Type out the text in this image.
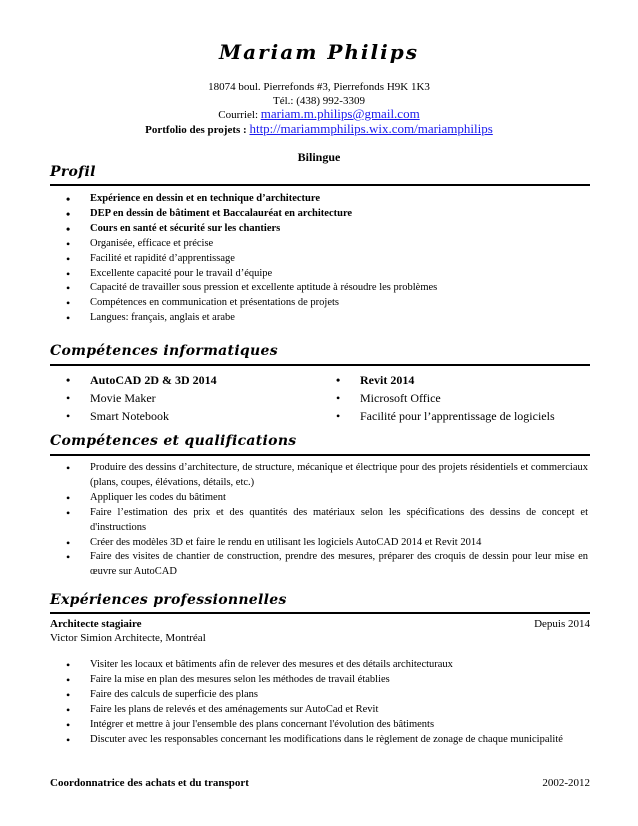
Mariam Philips
18074 boul. Pierrefonds #3, Pierrefonds H9K 1K3
Tél.: (438) 992-3309
Courriel: mariam.m.philips@gmail.com
Portfolio des projets : http://mariammphilips.wix.com/mariamphilips
Bilingue
Profil
• Expérience en dessin et en technique d’architecture
• DEP en dessin de bâtiment et Baccalauréat en architecture
• Cours en santé et sécurité sur les chantiers
• Organisée, efficace et précise
• Facilité et rapidité d’apprentissage
• Excellente capacité pour le travail d’équipe
• Capacité de travailler sous pression et excellente aptitude à résoudre les problèmes
• Compétences en communication et présentations de projets
• Langues: français, anglais et arabe
Compétences informatiques
• AutoCAD 2D & 3D 2014
• Movie Maker
• Smart Notebook
• Revit 2014
• Microsoft Office
• Facilité pour l’apprentissage de logiciels
Compétences et qualifications
• Produire des dessins d’architecture, de structure, mécanique et électrique pour des projets résidentiels et commerciaux (plans, coupes, élévations, détails, etc.)
• Appliquer les codes du bâtiment
• Faire l’estimation des prix et des quantités des matériaux selon les spécifications des dessins de concept et d'instructions
• Créer des modèles 3D et faire le rendu en utilisant les logiciels AutoCAD 2014 et Revit 2014
• Faire des visites de chantier de construction, prendre des mesures, préparer des croquis de dessin pour leur mise en œuvre sur AutoCAD
Expériences professionnelles
Architecte stagiaire	Depuis 2014
Victor Simion Architecte, Montréal
• Visiter les locaux et bâtiments afin de relever des mesures et des détails architecturaux
• Faire la mise en plan des mesures selon les méthodes de travail établies
• Faire des calculs de superficie des plans
• Faire les plans de relevés et des aménagements sur AutoCad et Revit
• Intégrer et mettre à jour l'ensemble des plans concernant l'évolution des bâtiments
• Discuter avec les responsables concernant les modifications dans le règlement de zonage de chaque municipalité
Coordonnatrice des achats et du transport	2002-2012
